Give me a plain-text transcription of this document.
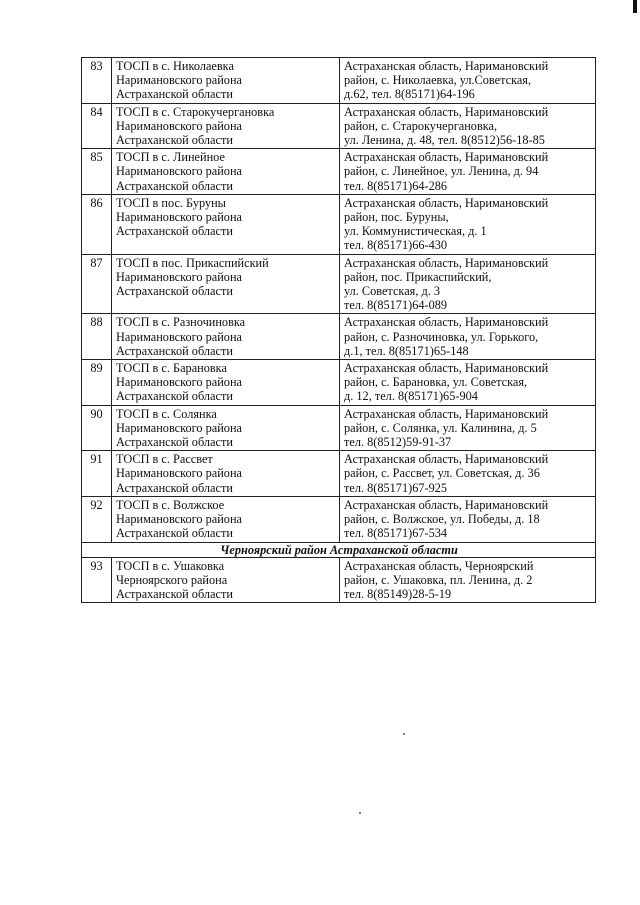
83	ТОСП в с. Николаевка
Наримановского района
Астраханской области	Астраханская область, Наримановский
район, с. Николаевка, ул.Советская,
д.62, тел. 8(85171)64-196

84	ТОСП в с. Старокучергановка
Наримановского района
Астраханской области	Астраханская область, Наримановский
район, с. Старокучергановка,
ул. Ленина, д. 48, тел. 8(8512)56-18-85

85	ТОСП в с. Линейное
Наримановского района
Астраханской области	Астраханская область, Наримановский
район, с. Линейное, ул. Ленина, д. 94
тел. 8(85171)64-286

86	ТОСП в пос. Буруны
Наримановского района
Астраханской области	Астраханская область, Наримановский
район, пос. Буруны,
ул. Коммунистическая, д. 1
тел. 8(85171)66-430

87	ТОСП в пос. Прикаспийский
Наримановского района
Астраханской области	Астраханская область, Наримановский
район, пос. Прикаспийский,
ул. Советская, д. 3
тел. 8(85171)64-089

88	ТОСП в с. Разночиновка
Наримановского района
Астраханской области	Астраханская область, Наримановский
район, с. Разночиновка, ул. Горького,
д.1, тел. 8(85171)65-148

89	ТОСП в с. Барановка
Наримановского района
Астраханской области	Астраханская область, Наримановский
район, с. Барановка, ул. Советская,
д. 12, тел. 8(85171)65-904

90	ТОСП в с. Солянка
Наримановского района
Астраханской области	Астраханская область, Наримановский
район, с. Солянка, ул. Калинина, д. 5
тел. 8(8512)59-91-37

91	ТОСП в с. Рассвет
Наримановского района
Астраханской области	Астраханская область, Наримановский
район, с. Рассвет, ул. Советская, д. 36
тел. 8(85171)67-925

92	ТОСП в с. Волжское
Наримановского района
Астраханской области	Астраханская область, Наримановский
район, с. Волжское, ул. Победы, д. 18
тел. 8(85171)67-534

Черноярский район Астраханской области		
93	ТОСП в с. Ушаковка
Черноярского района
Астраханской области	Астраханская область, Черноярский
район, с. Ушаковка, пл. Ленина, д. 2
тел. 8(85149)28-5-19
